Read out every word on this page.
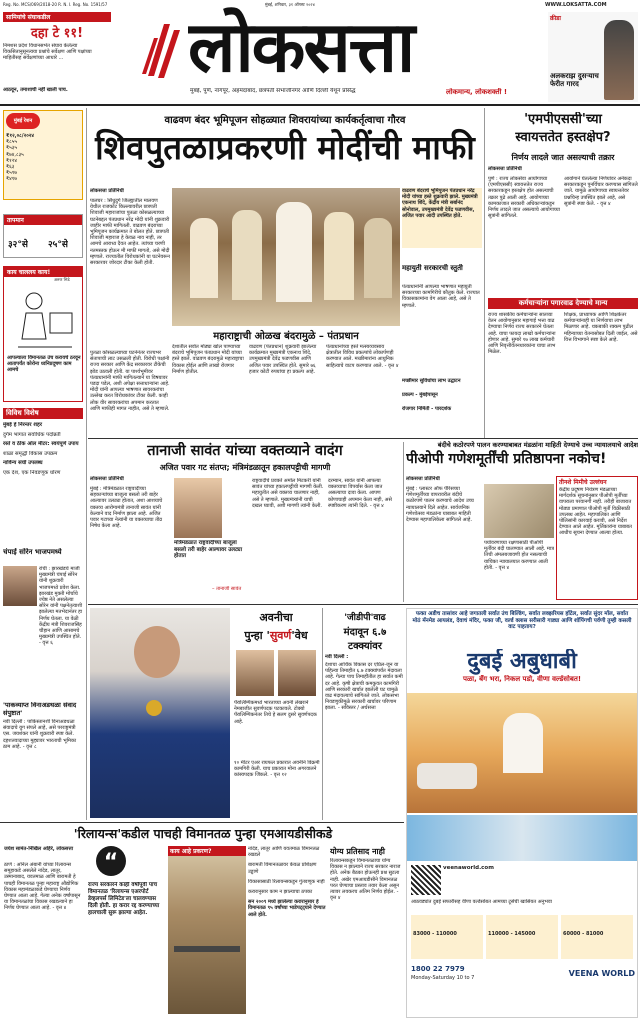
Reg. No. MCS/069/2018-20 R. N. I. Reg. No. 1591/57	मुंबई, शनिवार, ३१ ऑगस्ट २०२४	WWW.LOKSATTA.COM
सामियांचे संघाकडील
दहा टे ११!
निमशस प्रदेश विधानसभेत संघाय केलेल्या विकसितानुसूनत्यया प्रश्नांचे सर्वेक्षण आणि पक्षांच्या माहितीसह सर्वेक्षणांच्या आधारे ...
आठवून, तमाशाची नहीं खाली पाच.
लोकसत्ता
मुंबई, पुणे, नागपूर, अहमदाबाद, छत्रपती संभाजीनगर आणि दिल्ली येथून प्रसिद्ध	लोकमान्य, लोकशक्ती !
क्रीडा
अलकराझ दुसऱ्याच फेरीत गारद
मुंबई रेशन
₹१२,०८/२०२४
₹८५५
₹५३५
₹७४,८३५
₹१२४
₹६३
₹५९७
₹४१७
तापमान
३२°से २५°से
काय चाललय काय!
आपल्याला विमानतळ उंच करायचे ठरवून आतापर्यंत कोरोना ध्वनिप्रदूषण काम आमचे
अरुण भिडे
विविध विशेष
मुंबई हे निरन्तर शहर
दुर्गम भागात सर्वाधिक पदोन्नती
रस्ते व ठीक ओल मीटर: स्वयंपूर्ण उपाय
शाळा समृद्धी विकास उपक्रम
नाविन्य संधी उपलब्ध
एक देश, एक निवडणूक धोरण
चंपाई सोरेन भाजपमध्ये
रांची : झारखंडचे माजी मुख्यमंत्री चंपाई सोरेन यांनी शुक्रवारी भाजपमध्ये प्रवेश केला. झारखंड मुक्ती मोर्चाचे ज्येष्ठ नेते असलेल्या सोरेन यांनी पक्षनेतृत्वाशी झालेल्या मतभेदानंतर हा निर्णय घेतला. या वेळी केंद्रीय मंत्री शिवराजसिंह चौहान आणि आसामचे मुख्यमंत्री उपस्थित होते. - वृत्त ६
'पाकव्याप्त विनाअडथळा संवाद संपुष्टात'
नवी दिल्ली : पाकिस्तानशी विनाअडथळा संवादाचे युग संपले आहे, असे परराष्ट्रमंत्री एस. जयशंकर यांनी शुक्रवारी स्पष्ट केले. दहशतवादाच्या मुद्द्यावर भारताची भूमिका ठाम आहे. - वृत्त ८
वाढवण बंदर भूमिपूजन सोहळ्यात शिवरायांच्या कार्यकर्तृत्वाचा गौरव
शिवपुतळाप्रकरणी मोदींची माफी
लोकसत्ता प्रतिनिधी
पालघर : सिंधुदुर्ग जिल्ह्यातील मालवण येथील राजकोट किल्ल्यावरील छत्रपती शिवाजी महाराजांचा पुतळा कोसळल्याच्या घटनेबद्दल पंतप्रधान नरेंद्र मोदी यांनी शुक्रवारी जाहीर माफी मागितली. वाढवण बंदराच्या भूमिपूजन कार्यक्रमात ते बोलत होते. छत्रपती शिवाजी महाराज हे केवळ नाव नाही, तर आमचे आराध्य दैवत आहेत. त्यांच्या चरणी नतमस्तक होऊन मी माफी मागतो, असे मोदी म्हणाले. राज्यातील विरोधकांनी या घटनेवरून सरकारवर जोरदार टीका केली होती.
वाढवण बंदराचे भूमिपूजन पंतप्रधान नरेंद्र मोदी यांच्या हस्ते शुक्रवारी झाले. मुख्यमंत्री एकनाथ शिंदे, केंद्रीय मंत्री सर्बानंद सोनोवाल, उपमुख्यमंत्री देवेंद्र फडणवीस, अजित पवार आदी उपस्थित होते.
महायुती सरकारची स्तुती
पंतप्रधानांनी आपल्या भाषणात महायुती सरकारच्या कामगिरीचे कौतुक केले. राज्यात विकासकामांना वेग आला आहे, असे ते म्हणाले.
मच्छीमार सुविधांचा लाभ उद्घाटन
प्रकल्प - मुंबईपासून
रोजगार निर्मिती - पारदर्शक
महाराष्ट्राची ओळख बंदरामुळे – पंतप्रधान
देशातील सर्वात मोठ्या खोल पाण्याच्या बंदराचे भूमिपूजन पंतप्रधान मोदी यांच्या हस्ते झाले. वाढवण बंदरामुळे महाराष्ट्राचा विकास होईल आणि लाखो रोजगार निर्माण होतील.
वाढवण (पंतप्रधान) शुक्रवारी झालेल्या कार्यक्रमात मुख्यमंत्री एकनाथ शिंदे, उपमुख्यमंत्री देवेंद्र फडणवीस आणि अजित पवार उपस्थित होते. सुमारे ७६ हजार कोटी रुपयांचा हा प्रकल्प आहे.
पंतप्रधानांच्या हस्ते मत्स्यव्यवसाय क्षेत्रातील विविध प्रकल्पांचे लोकार्पणही करण्यात आले. मच्छीमारांना आधुनिक साहित्याचे वाटप करण्यात आले. - वृत्त ४
पुतळा कोसळल्याच्या घटनेनंतर राज्यभर संतापाची लाट उसळली होती. विरोधी पक्षांनी राज्य सरकार आणि केंद्र सरकारवर टीकेची झोड उठवली होती. या पार्श्वभूमीवर पंतप्रधानांनी माफी मागितल्याने या विषयावर पडदा पडेल, अशी अपेक्षा सत्ताधाऱ्यांना आहे. मोदी यांनी आपल्या भाषणात सावरकरांचा उल्लेख करत विरोधकांवर टीका केली. काही लोक वीर सावरकरांचा अपमान करतात आणि माफीही मागत नाहीत, असे ते म्हणाले.
'एमपीएससी'च्या
स्वायत्ततेत हस्तक्षेप?
निर्णय लादले जात असल्याची तक्रार
लोकसत्ता प्रतिनिधी
पुणे : राज्य लोकसेवा आयोगाच्या (एमपीएससी) स्वायत्ततेत राज्य सरकारकडून हस्तक्षेप होत असल्याची तक्रार पुढे आली आहे. आयोगाच्या कामकाजात सरकारी अधिकाऱ्यांकडून निर्णय लादले जात असल्याचे आयोगाच्या सूत्रांनी सांगितले.
आयोगाने घेतलेल्या निर्णयांवर अनेकदा सरकारकडून पुनर्विचार करण्यास सांगितले जाते. यामुळे आयोगाच्या स्वायत्ततेवर प्रश्नचिन्ह उपस्थित झाले आहे, असे सूत्रांनी स्पष्ट केले. - वृत्त ४
कर्मचाऱ्यांना पगारवाढ देण्याचे मान्य
राज्य शासकीय कर्मचाऱ्यांना सातव्या वेतन आयोगानुसार महागाई भत्ता वाढ देण्याचा निर्णय राज्य सरकारने घेतला आहे. याचा फायदा लाखो कर्मचाऱ्यांना होणार आहे. सुमारे १७ लाख कर्मचारी आणि निवृत्तीवेतनधारकांना याचा लाभ मिळेल.
शिक्षक, प्राध्यापक आणि शिक्षकेतर कर्मचाऱ्यांनाही या निर्णयाचा लाभ मिळणार आहे. थकबाकी रक्कम पुढील महिन्याच्या वेतनासोबत दिली जाईल, असे वित्त विभागाने स्पष्ट केले आहे.
तानाजी सावंत यांच्या वक्तव्याने वादंग
अजित पवार गट संतप्त; मंत्रिमंडळातून हकालपट्टीची मागणी
लोकसत्ता प्रतिनिधी
मुंबई : मंत्रिमंडळात राष्ट्रवादीच्या सहकाऱ्यांच्या बाजूला बसलो तरी बाहेर आल्यावर उलट्या होतात, अशा आशयाचे वक्तव्य आरोग्यमंत्री तानाजी सावंत यांनी केल्याने वाद निर्माण झाला आहे. अजित पवार गटाच्या नेत्यांनी या वक्तव्याचा तीव्र निषेध केला आहे.
मंत्रिमंडळात राष्ट्रवादीच्या बाजूला बसलो तरी बाहेर आल्यावर उलट्या होतात
– तानाजी सावंत
राष्ट्रवादीचे प्रवक्ते अमोल मिटकरी यांनी सावंत यांच्या हकालपट्टीची मागणी केली. महायुतीत असे वक्तव्य चालणार नाही, असे ते म्हणाले. मुख्यमंत्र्यांनी याची दखल घ्यावी, अशी मागणी त्यांनी केली.
दरम्यान, सावंत यांनी आपल्या वक्तव्याचा विपर्यास केला जात असल्याचा दावा केला. आपण कोणाचाही अपमान केला नाही, असे स्पष्टीकरण त्यांनी दिले. - वृत्त ४
बंदीचे कठोरपणे पालन करण्याबाबत मंडळांना माहिती देण्याचे उच्च न्यायालयाचे आदेश
पीओपी गणेशमूर्तींची प्रतिष्ठापना नकोच!
लोकसत्ता प्रतिनिधी
मुंबई : प्लास्टर ऑफ पॅरिसच्या गणेशमूर्तींच्या वापरावरील बंदीचे कठोरपणे पालन करण्याचे आदेश उच्च न्यायालयाने दिले आहेत. सार्वजनिक गणेशोत्सव मंडळांना याबाबत माहिती देण्यास महापालिकेला सांगितले आहे.
पर्यावरणाच्या रक्षणासाठी पीओपी मूर्तींवर बंदी घालण्यात आली आहे. मात्र तिची अंमलबजावणी होत नसल्याची याचिका न्यायालयात करण्यात आली होती. - वृत्त ४
तीनशे मिमीचे उल्लंघन
केंद्रीय प्रदूषण नियंत्रण मंडळाच्या मार्गदर्शक सूचनांनुसार पीओपी मूर्तींच्या वापराला परवानगी नाही. तरीही बाजारात मोठ्या प्रमाणात पीओपी मूर्ती विक्रीसाठी उपलब्ध आहेत. महापालिका आणि पोलिसांनी कारवाई करावी, असे निर्देश देण्यात आले आहेत. मूर्तिकारांना याबाबत आधीच सूचना देण्यात आल्या होत्या.
अवनीचा
पुन्हा 'सुवर्ण'वेध
पॅरालिम्पिकमध्ये भारताच्या अवनी लेखराने नेमबाजीत सुवर्णपदक पटकावले. टोक्यो पॅरालिम्पिकनंतर तिचे हे सलग दुसरे सुवर्णपदक आहे.
१० मीटर एअर रायफल प्रकारात अवनीने विक्रमी कामगिरी केली. याच प्रकारात मोना अगरवालने कांस्यपदक जिंकले. - वृत्त १२
'जीडीपी'वाढ
मंदावून ६.७
टक्क्यांवर
नवी दिल्ली :
देशाचा आर्थिक विकास दर एप्रिल-जून या पहिल्या तिमाहीत ६.७ टक्क्यांपर्यंत मंदावला आहे. गेल्या पाच तिमाहींतील हा सर्वात कमी दर आहे. कृषी क्षेत्राची कमकुवत कामगिरी आणि सरकारी खर्चात झालेली घट यामुळे वाढ मंदावल्याचे सांगितले जाते. लोकसभा निवडणुकीमुळे सरकारी खर्चावर परिणाम झाला. - सविस्तर / अर्थसत्ता
फक्त अडीच तासांवर आहे जगातली सर्वात उंच बिल्डिंग, सर्वात लक्झरियस हॉटेल, सर्वात सुंदर मॉल, सर्वात मोठं मॅनमेड आयलंड, देवाचं मंदिर, फक्त जी, वर्ल्ड क्लास सरीसारी गाड्या आणि शॉपिंगची पर्वणी तुम्ही कसली वाट पाहताय?
दुबई अबुधाबी
पळा, बँग भरा, निकल पडो, वीणा वर्ल्डसोबत!
veenaworld.com
आठवड्यांत दुबई सफारीसह वीणा वर्ल्डसोबत आमच्या टूर्सची खासियत अनुभवा
83000 - 110000	110000 - 145000	60000 - 81000
1800 22 7979
Monday-Saturday 10 to 7	VEENA WORLD
'रिलायन्स'कडील पाचही विमानतळ पुन्हा एमआयडीसीकडे
जयेश सामंत-निखिल अहिरे, लोकसत्ता
ठाणे : अनिल अंबानी यांच्या रिलायन्स समूहाकडे असलेले नांदेड, लातूर, उस्मानाबाद, यवतमाळ आणि बारामती हे पाचही विमानतळ पुन्हा महाराष्ट्र औद्योगिक विकास महामंडळाकडे घेण्याचा निर्णय घेण्यात आला आहे. गेल्या अनेक वर्षांपासून या विमानतळांचा विकास रखडल्याने हा निर्णय घेण्यात आला आहे. - वृत्त ४
“
राज्य सरकारने काही वर्षांपूर्वी पाच विमानतळ 'रिलायन्स एअरपोर्ट डेव्हलपर्स लिमिटेड'ला चालवण्यास दिली होती. हा करार रद्द करण्याच्या हालचाली सुरू झाल्या आहेत.
काय आहे प्रकरण?	नांदेड, लातूर आणि यवतमाळ विमानतळ रखडले
बारामती विमानतळावर केवळ प्रशिक्षण उड्डाणे
विकासासाठी रिलायन्सकडून गुंतवणूक नाही
करारानुसार काम न झाल्याचा ठपका
सन २००९ मध्ये झालेल्या करारानुसार हे विमानतळ ९५ वर्षांच्या भाडेपट्ट्याने देण्यात आले होते.
योग्य प्रतिसाद नाही
रिलायन्सकडून विमानतळाचा योग्य विकास न झाल्याने राज्य सरकार नाराज होते. अनेक बैठका होऊनही प्रश्न सुटला नाही. अखेर एमआयडीसीने विमानतळ परत घेण्याचा प्रस्ताव तयार केला असून त्यावर लवकरच अंतिम निर्णय होईल. - वृत्त ४
